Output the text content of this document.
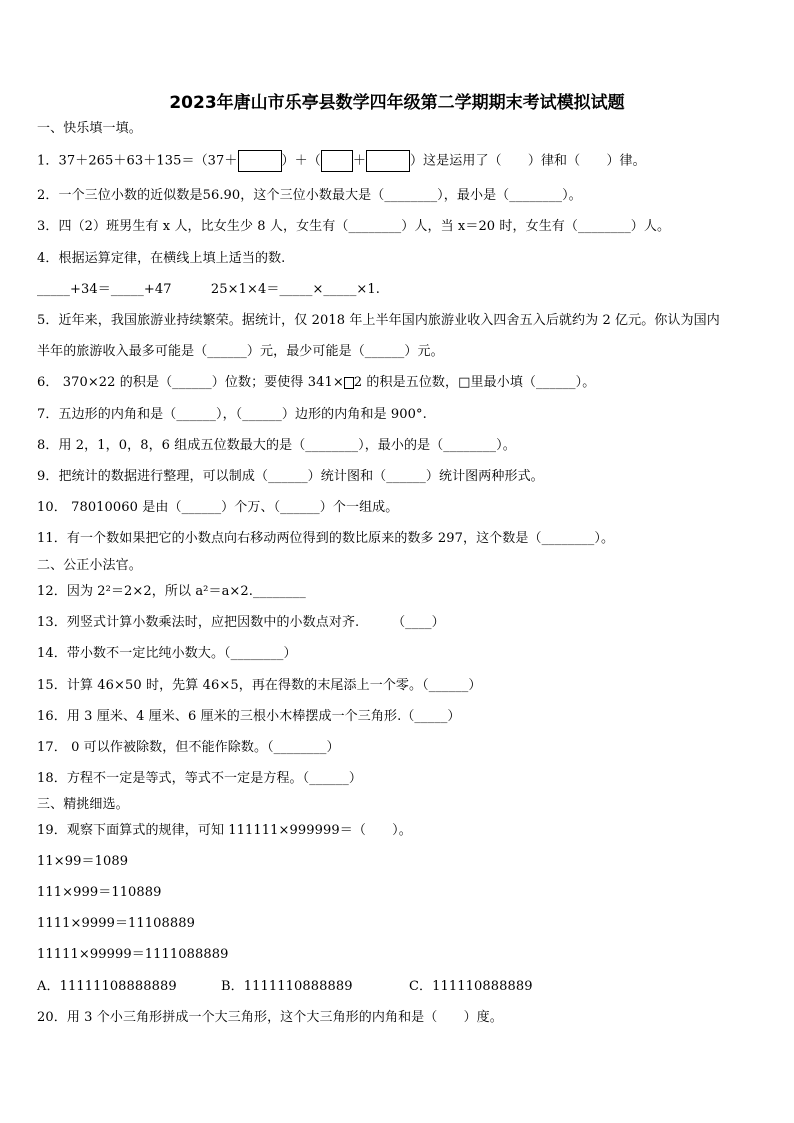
2023年唐山市乐亭县数学四年级第二学期期末考试模拟试题
一、快乐填一填。
1．37＋265＋63＋135＝（37＋	）＋（ ＋	）这是运用了（　　）律和（　　）律。
2．一个三位小数的近似数是56.90，这个三位小数最大是（________），最小是（________）。
3．四（2）班男生有 x 人，比女生少 8 人，女生有（________）人，当 x＝20 时，女生有（________）人。
4．根据运算定律，在横线上填上适当的数.
_____+34＝_____+47　　　25×1×4＝_____×_____×1.
5．近年来，我国旅游业持续繁荣。据统计，仅 2018 年上半年国内旅游业收入四舍五入后就约为 2 亿元。你认为国内
半年的旅游收入最多可能是（______）元，最少可能是（______）元。
6． 370×22 的积是（______）位数；要使得 341× 2 的积是五位数，□里最小填（______）。
7．五边形的内角和是（______），（______）边形的内角和是 900°.
8．用 2，1，0，8，6 组成五位数最大的是（________），最小的是（________）。
9．把统计的数据进行整理，可以制成（______）统计图和（______）统计图两种形式。
10． 78010060 是由（______）个万、（______）个一组成。
11．有一个数如果把它的小数点向右移动两位得到的数比原来的数多 297，这个数是（________）。
二、公正小法官。
12．因为 2²＝2×2，所以 a²＝a×2.________
13．列竖式计算小数乘法时，应把因数中的小数点对齐.　　　（____）
14．带小数不一定比纯小数大。（________）
15．计算 46×50 时，先算 46×5，再在得数的末尾添上一个零。（______）
16．用 3 厘米、4 厘米、6 厘米的三根小木棒摆成一个三角形.（_____）
17． 0 可以作被除数，但不能作除数。（________）
18．方程不一定是等式，等式不一定是方程。（______）
三、精挑细选。
19．观察下面算式的规律，可知 111111×999999＝（　　）。
11×99＝1089
111×999＝110889
1111×9999＝11108889
11111×99999＝1111088889
A．11111108888889	B．1111110888889	C．111110888889
20．用 3 个小三角形拼成一个大三角形，这个大三角形的内角和是（　　）度。
